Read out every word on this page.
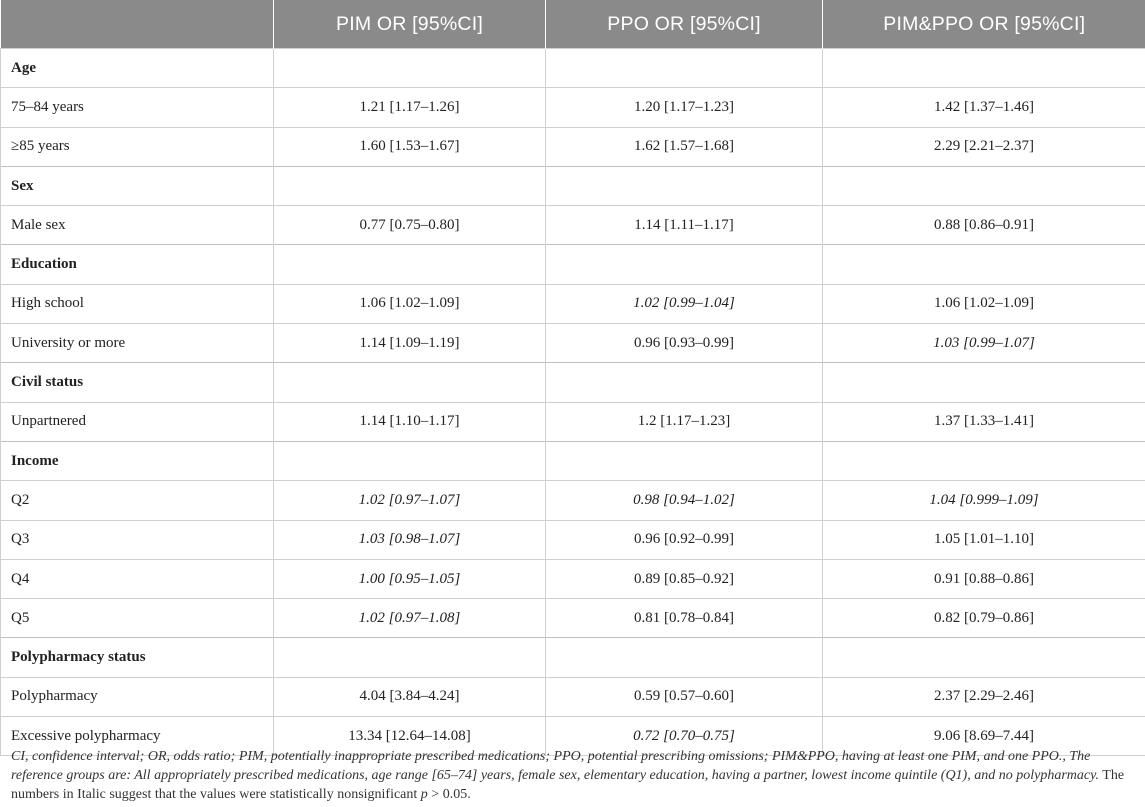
	PIM OR [95%CI]	PPO OR [95%CI]	PIM&PPO OR [95%CI]
Age			
75–84 years	1.21 [1.17–1.26]	1.20 [1.17–1.23]	1.42 [1.37–1.46]
≥85 years	1.60 [1.53–1.67]	1.62 [1.57–1.68]	2.29 [2.21–2.37]
Sex			
Male sex	0.77 [0.75–0.80]	1.14 [1.11–1.17]	0.88 [0.86–0.91]
Education			
High school	1.06 [1.02–1.09]	1.02 [0.99–1.04]	1.06 [1.02–1.09]
University or more	1.14 [1.09–1.19]	0.96 [0.93–0.99]	1.03 [0.99–1.07]
Civil status			
Unpartnered	1.14 [1.10–1.17]	1.2 [1.17–1.23]	1.37 [1.33–1.41]
Income			
Q2	1.02 [0.97–1.07]	0.98 [0.94–1.02]	1.04 [0.999–1.09]
Q3	1.03 [0.98–1.07]	0.96 [0.92–0.99]	1.05 [1.01–1.10]
Q4	1.00 [0.95–1.05]	0.89 [0.85–0.92]	0.91 [0.88–0.86]
Q5	1.02 [0.97–1.08]	0.81 [0.78–0.84]	0.82 [0.79–0.86]
Polypharmacy status			
Polypharmacy	4.04 [3.84–4.24]	0.59 [0.57–0.60]	2.37 [2.29–2.46]
Excessive polypharmacy	13.34 [12.64–14.08]	0.72 [0.70–0.75]	9.06 [8.69–7.44]
CI, confidence interval; OR, odds ratio; PIM, potentially inappropriate prescribed medications; PPO, potential prescribing omissions; PIM&PPO, having at least one PIM, and one PPO., The reference groups are: All appropriately prescribed medications, age range [65–74] years, female sex, elementary education, having a partner, lowest income quintile (Q1), and no polypharmacy. The numbers in Italic suggest that the values were statistically nonsignificant p > 0.05.
